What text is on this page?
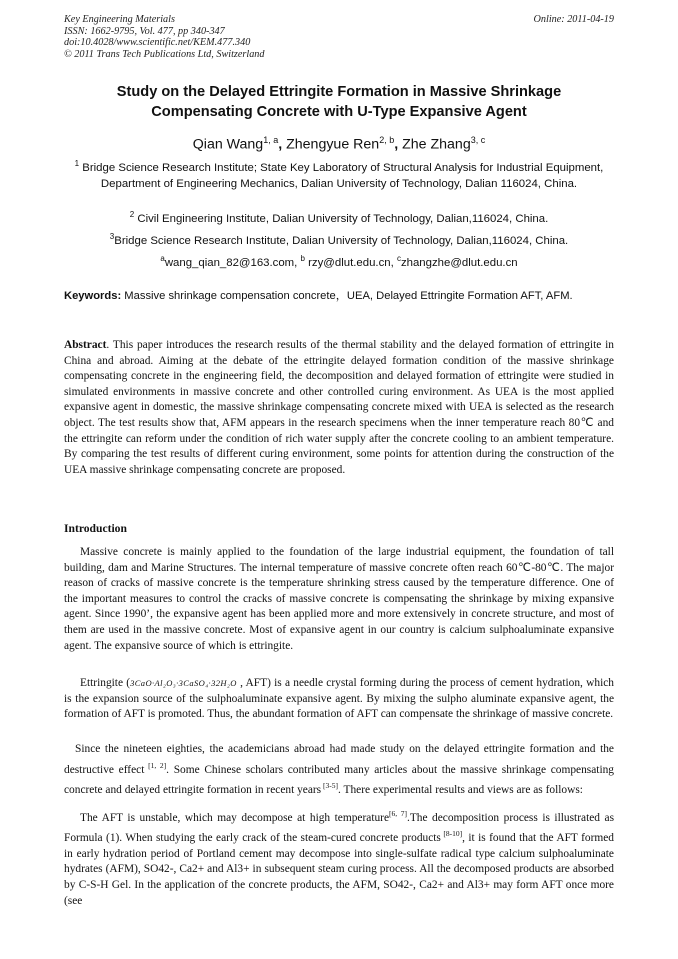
Key Engineering Materials
ISSN: 1662-9795, Vol. 477, pp 340-347
doi:10.4028/www.scientific.net/KEM.477.340
© 2011 Trans Tech Publications Ltd, Switzerland
Online: 2011-04-19
Study on the Delayed Ettringite Formation in Massive Shrinkage
Compensating Concrete with U-Type Expansive Agent
Qian Wang$^{1, a}$, Zhengyue Ren$^{2, b}$, Zhe Zhang$^{3, c}$
$^1$ Bridge Science Research Institute; State Key Laboratory of Structural Analysis for Industrial Equipment, Department of Engineering Mechanics, Dalian University of Technology, Dalian 116024, China.
$^2$ Civil Engineering Institute, Dalian University of Technology, Dalian,116024, China.
$^3$Bridge Science Research Institute, Dalian University of Technology, Dalian,116024, China.
$^a$wang_qian_82@163.com, $^b$ rzy@dlut.edu.cn, $^c$zhangzhe@dlut.edu.cn
Keywords: Massive shrinkage compensation concrete，UEA, Delayed Ettringite Formation AFT, AFM.
Abstract. This paper introduces the research results of the thermal stability and the delayed formation of ettringite in China and abroad. Aiming at the debate of the ettringite delayed formation condition of the massive shrinkage compensating concrete in the engineering field, the decomposition and delayed formation of ettringite were studied in simulated environments in massive concrete and other controlled curing environment. As UEA is the most applied expansive agent in domestic, the massive shrinkage compensating concrete mixed with UEA is selected as the research object. The test results show that, AFM appears in the research specimens when the inner temperature reach 80℃ and the ettringite can reform under the condition of rich water supply after the concrete cooling to an ambient temperature. By comparing the test results of different curing environment, some points for attention during the construction of the UEA massive shrinkage compensating concrete are proposed.
Introduction
Massive concrete is mainly applied to the foundation of the large industrial equipment, the foundation of tall building, dam and Marine Structures. The internal temperature of massive concrete often reach 60℃-80℃. The major reason of cracks of massive concrete is the temperature shrinking stress caused by the temperature difference. One of the important measures to control the cracks of massive concrete is compensating the shrinkage by mixing expansive agent. Since 1990’, the expansive agent has been applied more and more extensively in concrete structure, and most of them are used in the massive concrete. Most of expansive agent in our country is calcium sulphoaluminate expansive agent. The expansive source of which is ettringite.
Ettringite (3CaO·Al₂O₃·3CaSO₄·32H₂O , AFT) is a needle crystal forming during the process of cement hydration, which is the expansion source of the sulphoaluminate expansive agent. By mixing the sulpho aluminate expansive agent, the formation of AFT is promoted. Thus, the abundant formation of AFT can compensate the shrinkage of massive concrete.
Since the nineteen eighties, the academicians abroad had made study on the delayed ettringite formation and the destructive effect [1, 2]. Some Chinese scholars contributed many articles about the massive shrinkage compensating concrete and delayed ettringite formation in recent years [3-5]. There experimental results and views are as follows:
The AFT is unstable, which may decompose at high temperature[6, 7].The decomposition process is illustrated as Formula (1). When studying the early crack of the steam-cured concrete products [8-10], it is found that the AFT formed in early hydration period of Portland cement may decompose into single-sulfate radical type calcium sulphoaluminate hydrates (AFM), SO42-, Ca2+ and Al3+ in subsequent steam curing process. All the decomposed products are absorbed by C-S-H Gel. In the application of the concrete products, the AFM, SO42-, Ca2+ and Al3+ may form AFT once more (see
